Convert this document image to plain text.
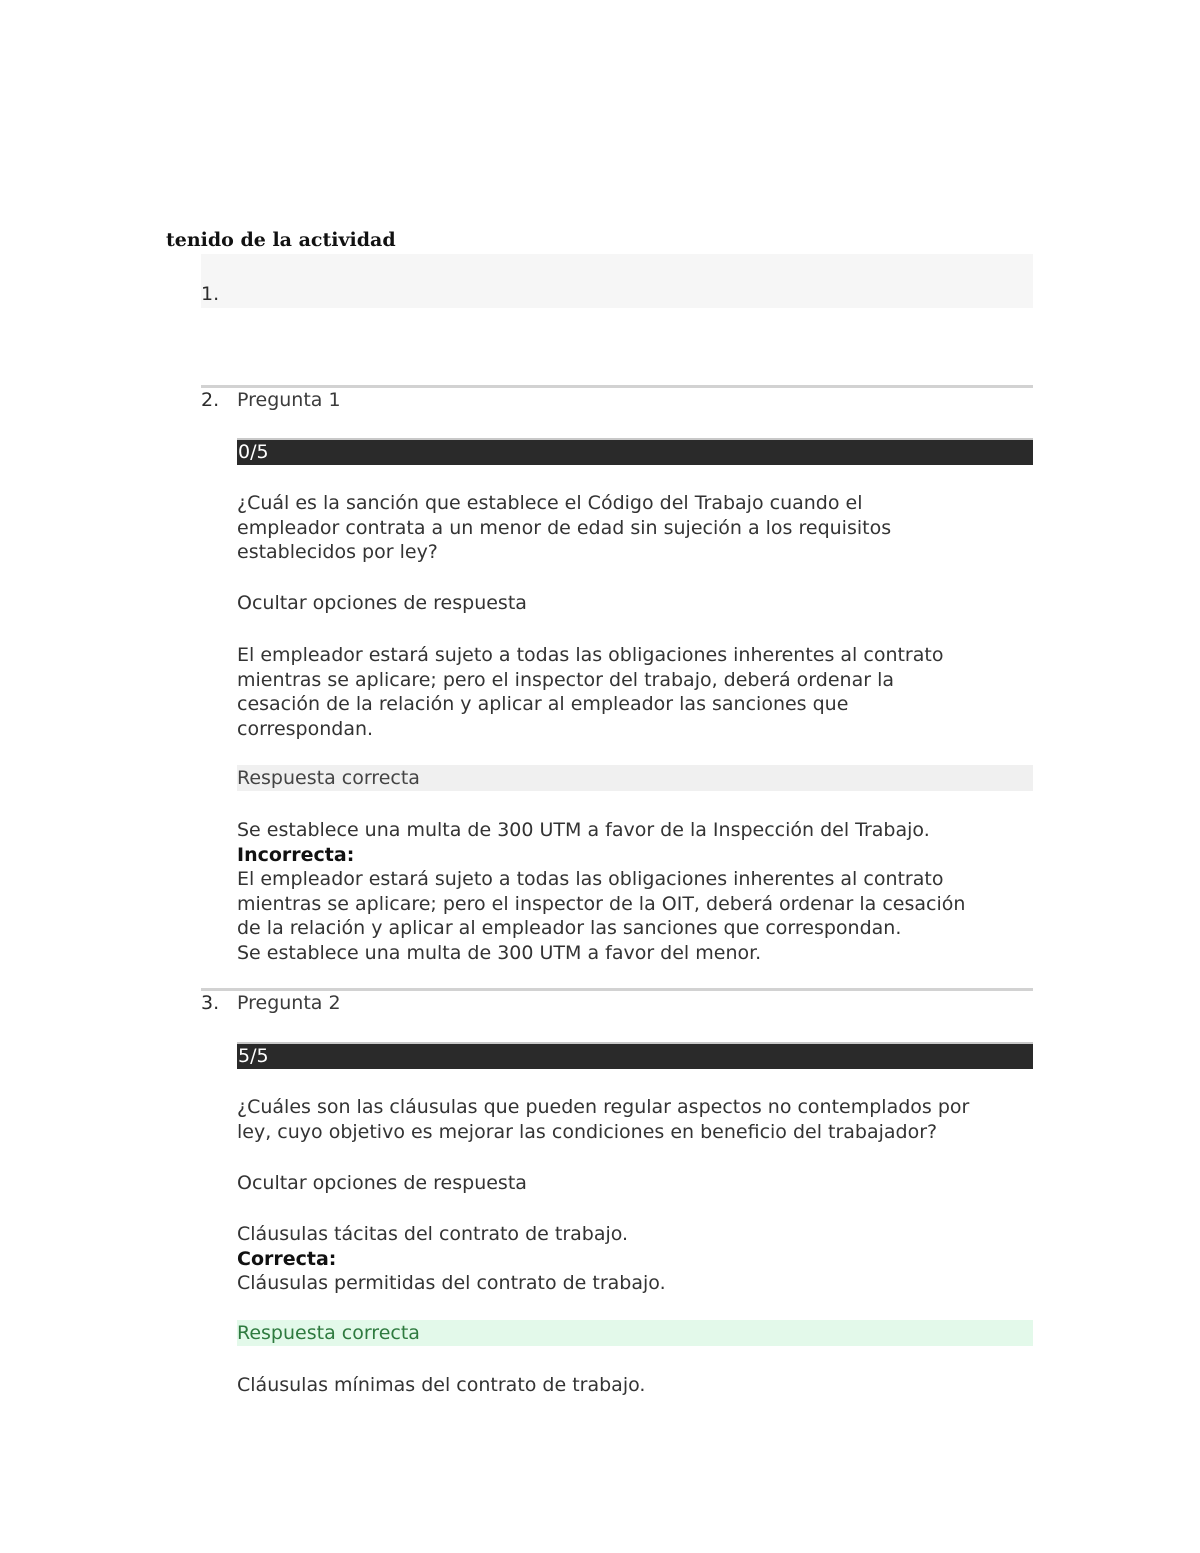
tenido de la actividad
1.
2. Pregunta 1
0/5
¿Cuál es la sanción que establece el Código del Trabajo cuando el
empleador contrata a un menor de edad sin sujeción a los requisitos
establecidos por ley?
Ocultar opciones de respuesta
El empleador estará sujeto a todas las obligaciones inherentes al contrato
mientras se aplicare; pero el inspector del trabajo, deberá ordenar la
cesación de la relación y aplicar al empleador las sanciones que
correspondan.
Respuesta correcta
Se establece una multa de 300 UTM a favor de la Inspección del Trabajo.
Incorrecta:
El empleador estará sujeto a todas las obligaciones inherentes al contrato
mientras se aplicare; pero el inspector de la OIT, deberá ordenar la cesación
de la relación y aplicar al empleador las sanciones que correspondan.
Se establece una multa de 300 UTM a favor del menor.
3. Pregunta 2
5/5
¿Cuáles son las cláusulas que pueden regular aspectos no contemplados por
ley, cuyo objetivo es mejorar las condiciones en beneficio del trabajador?
Ocultar opciones de respuesta
Cláusulas tácitas del contrato de trabajo.
Correcta:
Cláusulas permitidas del contrato de trabajo.
Respuesta correcta
Cláusulas mínimas del contrato de trabajo.
